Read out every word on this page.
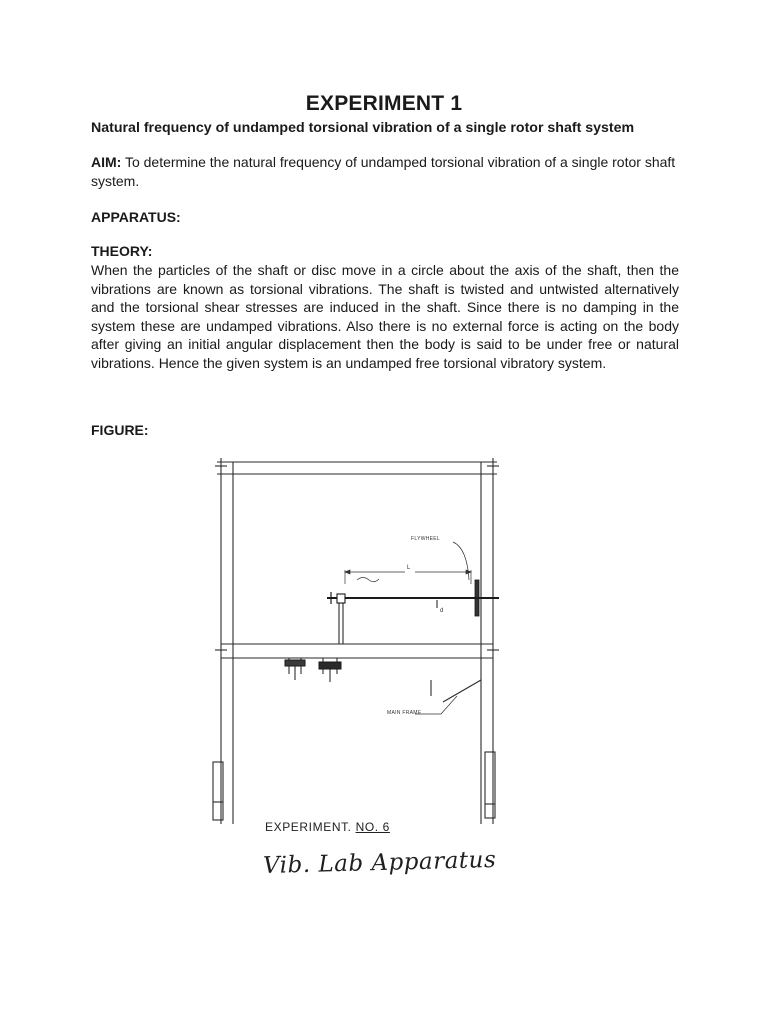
EXPERIMENT 1
Natural frequency of undamped torsional vibration of a single rotor shaft system
AIM: To determine the natural frequency of undamped torsional vibration of a single rotor shaft system.
APPARATUS:
THEORY:
When the particles of the shaft or disc move in a circle about the axis of the shaft, then the vibrations are known as torsional vibrations. The shaft is twisted and untwisted alternatively and the torsional shear stresses are induced in the shaft. Since there is no damping in the system these are undamped vibrations. Also there is no external force is acting on the body after giving an initial angular displacement then the body is said to be under free or natural vibrations. Hence the given system is an undamped free torsional vibratory system.
FIGURE:
FLYWHEEL
L
d
MAIN FRAME
EXPERIMENT. NO. 6
Vib. Lab Apparatus
